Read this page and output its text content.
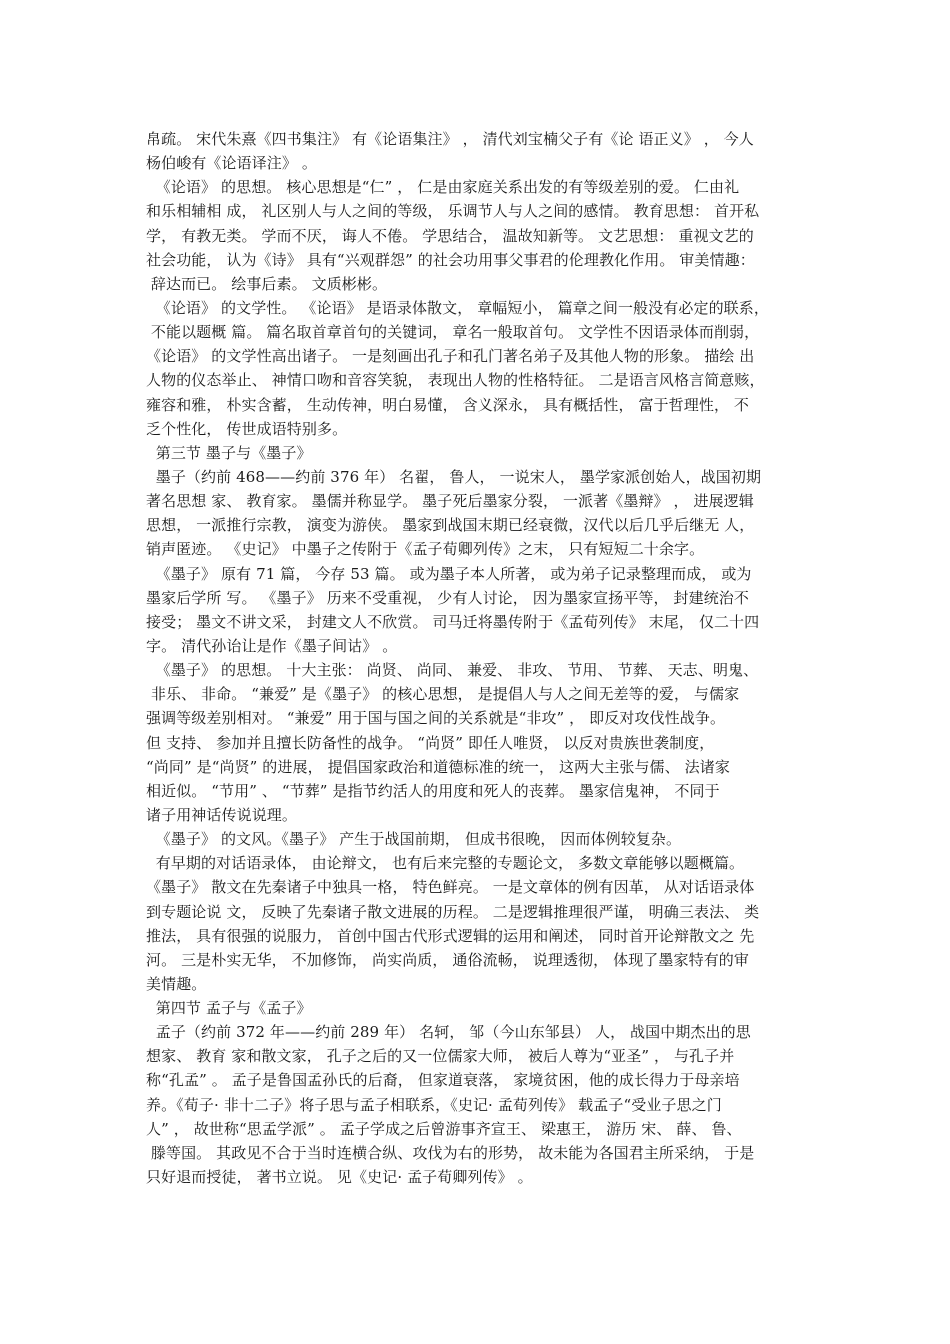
帛疏。 宋代朱熹《四书集注》 有《论语集注》 ， 清代刘宝楠父子有《论 语正义》 ， 今人
杨伯峻有《论语译注》 。
《论语》 的思想。 核心思想是“仁” ， 仁是由家庭关系出发的有等级差别的爱。 仁由礼
和乐相辅相 成， 礼区别人与人之间的等级， 乐调节人与人之间的感情。 教育思想： 首开私
学， 有教无类。 学而不厌， 诲人不倦。 学思结合， 温故知新等。 文艺思想： 重视文艺的
社会功能， 认为《诗》 具有“兴观群怨” 的社会功用事父事君的伦理教化作用。 审美情趣：
辞达而已。 绘事后素。 文质彬彬。
《论语》 的文学性。 《论语》 是语录体散文， 章幅短小， 篇章之间一般没有必定的联系，
不能以题概 篇。 篇名取首章首句的关键词， 章名一般取首句。 文学性不因语录体而削弱，
《论语》 的文学性高出诸子。 一是刻画出孔子和孔门著名弟子及其他人物的形象。 描绘 出
人物的仪态举止、 神情口吻和音容笑貌， 表现出人物的性格特征。 二是语言风格言简意赅，
雍容和雅， 朴实含蓄， 生动传神，明白易懂， 含义深永， 具有概括性， 富于哲理性， 不
乏个性化， 传世成语特别多。
第三节 墨子与《墨子》
墨子（约前 468——约前 376 年） 名翟， 鲁人， 一说宋人， 墨学家派创始人，战国初期
著名思想 家、 教育家。 墨儒并称显学。 墨子死后墨家分裂， 一派著《墨辩》 ， 进展逻辑
思想， 一派推行宗教， 演变为游侠。 墨家到战国末期已经衰微，汉代以后几乎后继无 人，
销声匿迹。 《史记》 中墨子之传附于《孟子荀卿列传》之末， 只有短短二十余字。
《墨子》 原有 71 篇， 今存 53 篇。 或为墨子本人所著， 或为弟子记录整理而成， 或为
墨家后学所 写。 《墨子》 历来不受重视， 少有人讨论， 因为墨家宣扬平等， 封建统治不
接受； 墨文不讲文采， 封建文人不欣赏。 司马迁将墨传附于《孟荀列传》 末尾， 仅二十四
字。 清代孙诒让是作《墨子间诂》 。
《墨子》 的思想。 十大主张： 尚贤、 尚同、 兼爱、 非攻、 节用、 节葬、 天志、明鬼、
非乐、 非命。 “兼爱” 是《墨子》 的核心思想， 是提倡人与人之间无差等的爱， 与儒家
强调等级差别相对。 “兼爱” 用于国与国之间的关系就是“非攻” ， 即反对攻伐性战争。
但 支持、 参加并且擅长防备性的战争。 “尚贤” 即任人唯贤， 以反对贵族世袭制度，
“尚同” 是“尚贤” 的进展， 提倡国家政治和道德标准的统一， 这两大主张与儒、 法诸家
相近似。 “节用” 、 “节葬” 是指节约活人的用度和死人的丧葬。 墨家信鬼神， 不同于
诸子用神话传说说理。
《墨子》 的文风。《墨子》 产生于战国前期， 但成书很晚， 因而体例较复杂。
有早期的对话语录体， 由论辩文， 也有后来完整的专题论文， 多数文章能够以题概篇。
《墨子》 散文在先秦诸子中独具一格， 特色鲜亮。 一是文章体的例有因革， 从对话语录体
到专题论说 文， 反映了先秦诸子散文进展的历程。 二是逻辑推理很严谨， 明确三表法、 类
推法， 具有很强的说服力， 首创中国古代形式逻辑的运用和阐述， 同时首开论辩散文之 先
河。 三是朴实无华， 不加修饰， 尚实尚质， 通俗流畅， 说理透彻， 体现了墨家特有的审
美情趣。
第四节 孟子与《孟子》
孟子（约前 372 年——约前 289 年） 名轲， 邹（今山东邹县） 人， 战国中期杰出的思
想家、 教育 家和散文家， 孔子之后的又一位儒家大师， 被后人尊为“亚圣” ， 与孔子并
称“孔孟” 。 孟子是鲁国孟孙氏的后裔， 但家道衰落， 家境贫困，他的成长得力于母亲培
养。《荀子· 非十二子》将子思与孟子相联系，《史记· 孟荀列传》 载孟子“受业子思之门
人” ， 故世称“思孟学派” 。 孟子学成之后曾游事齐宣王、 梁惠王， 游历 宋、 薛、 鲁、
滕等国。 其政见不合于当时连横合纵、攻伐为右的形势， 故未能为各国君主所采纳， 于是
只好退而授徒， 著书立说。 见《史记· 孟子荀卿列传》 。
